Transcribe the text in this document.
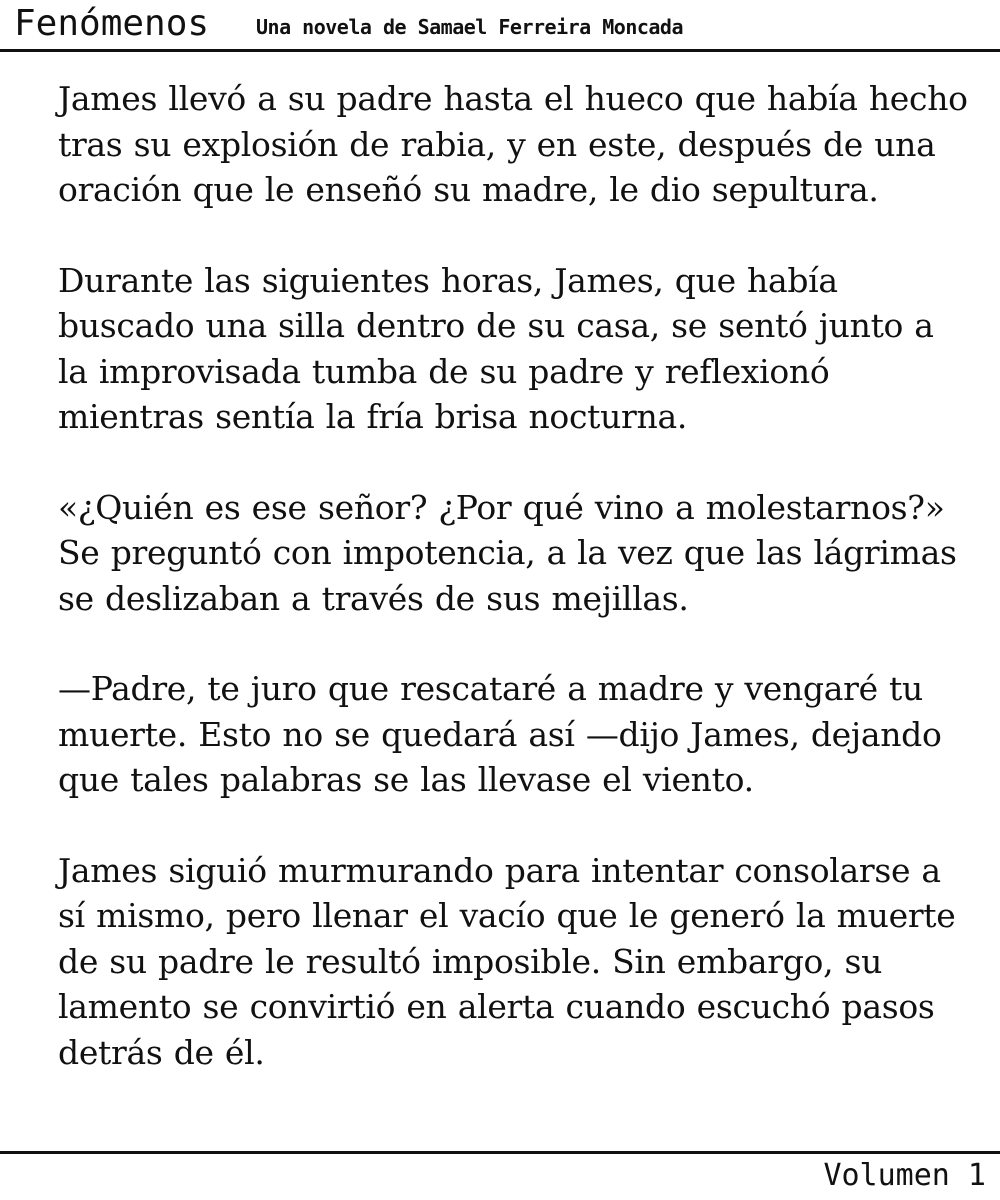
Fenómenos Una novela de Samael Ferreira Moncada

James llevó a su padre hasta el hueco que había hecho tras su explosión de rabia, y en este, después de una oración que le enseñó su madre, le dio sepultura.

Durante las siguientes horas, James, que había buscado una silla dentro de su casa, se sentó junto a la improvisada tumba de su padre y reflexionó mientras sentía la fría brisa nocturna.

«¿Quién es ese señor? ¿Por qué vino a molestarnos?» Se preguntó con impotencia, a la vez que las lágrimas se deslizaban a través de sus mejillas.

—Padre, te juro que rescataré a madre y vengaré tu muerte. Esto no se quedará así —dijo James, dejando que tales palabras se las llevase el viento.

James siguió murmurando para intentar consolarse a sí mismo, pero llenar el vacío que le generó la muerte de su padre le resultó imposible. Sin embargo, su lamento se convirtió en alerta cuando escuchó pasos detrás de él.

Volumen 1
